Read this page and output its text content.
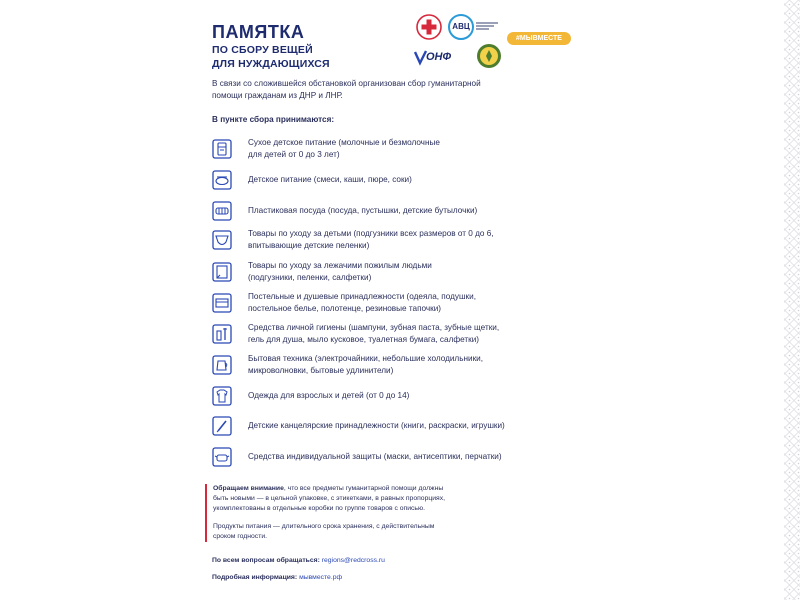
ПАМЯТКА
ПО СБОРУ ВЕЩЕЙ
ДЛЯ НУЖДАЮЩИХСЯ
АВЦ
#МЫВМЕСТЕ
ОНФ
В связи со сложившейся обстановкой организован сбор гуманитарной
помощи гражданам из ДНР и ЛНР.
В пункте сбора принимаются:
Сухое детское питание (молочные и безмолочные
для детей от 0 до 3 лет)
Детское питание (смеси, каши, пюре, соки)
Пластиковая посуда (посуда, пустышки, детские бутылочки)
Товары по уходу за детьми (подгузники всех размеров от 0 до 6,
впитывающие детские пеленки)
Товары по уходу за лежачими пожилым людьми
(подгузники, пеленки, салфетки)
Постельные и душевые принадлежности (одеяла, подушки,
постельное белье, полотенце, резиновые тапочки)
Средства личной гигиены (шампуни, зубная паста, зубные щетки,
гель для душа, мыло кусковое, туалетная бумага, салфетки)
Бытовая техника (электрочайники, небольшие холодильники,
микроволновки, бытовые удлинители)
Одежда для взрослых и детей (от 0 до 14)
Детские канцелярские принадлежности (книги, раскраски, игрушки)
Средства индивидуальной защиты (маски, антисептики, перчатки)

Обращаем внимание, что все предметы гуманитарной помощи должны
быть новыми — в цельной упаковке, с этикетками, в равных пропорциях,
укомплектованы в отдельные коробки по группе товаров с описью.

Продукты питания — длительного срока хранения, с действительным
сроком годности.

По всем вопросам обращаться: regions@redcross.ru
Подробная информация: мывместе.рф
